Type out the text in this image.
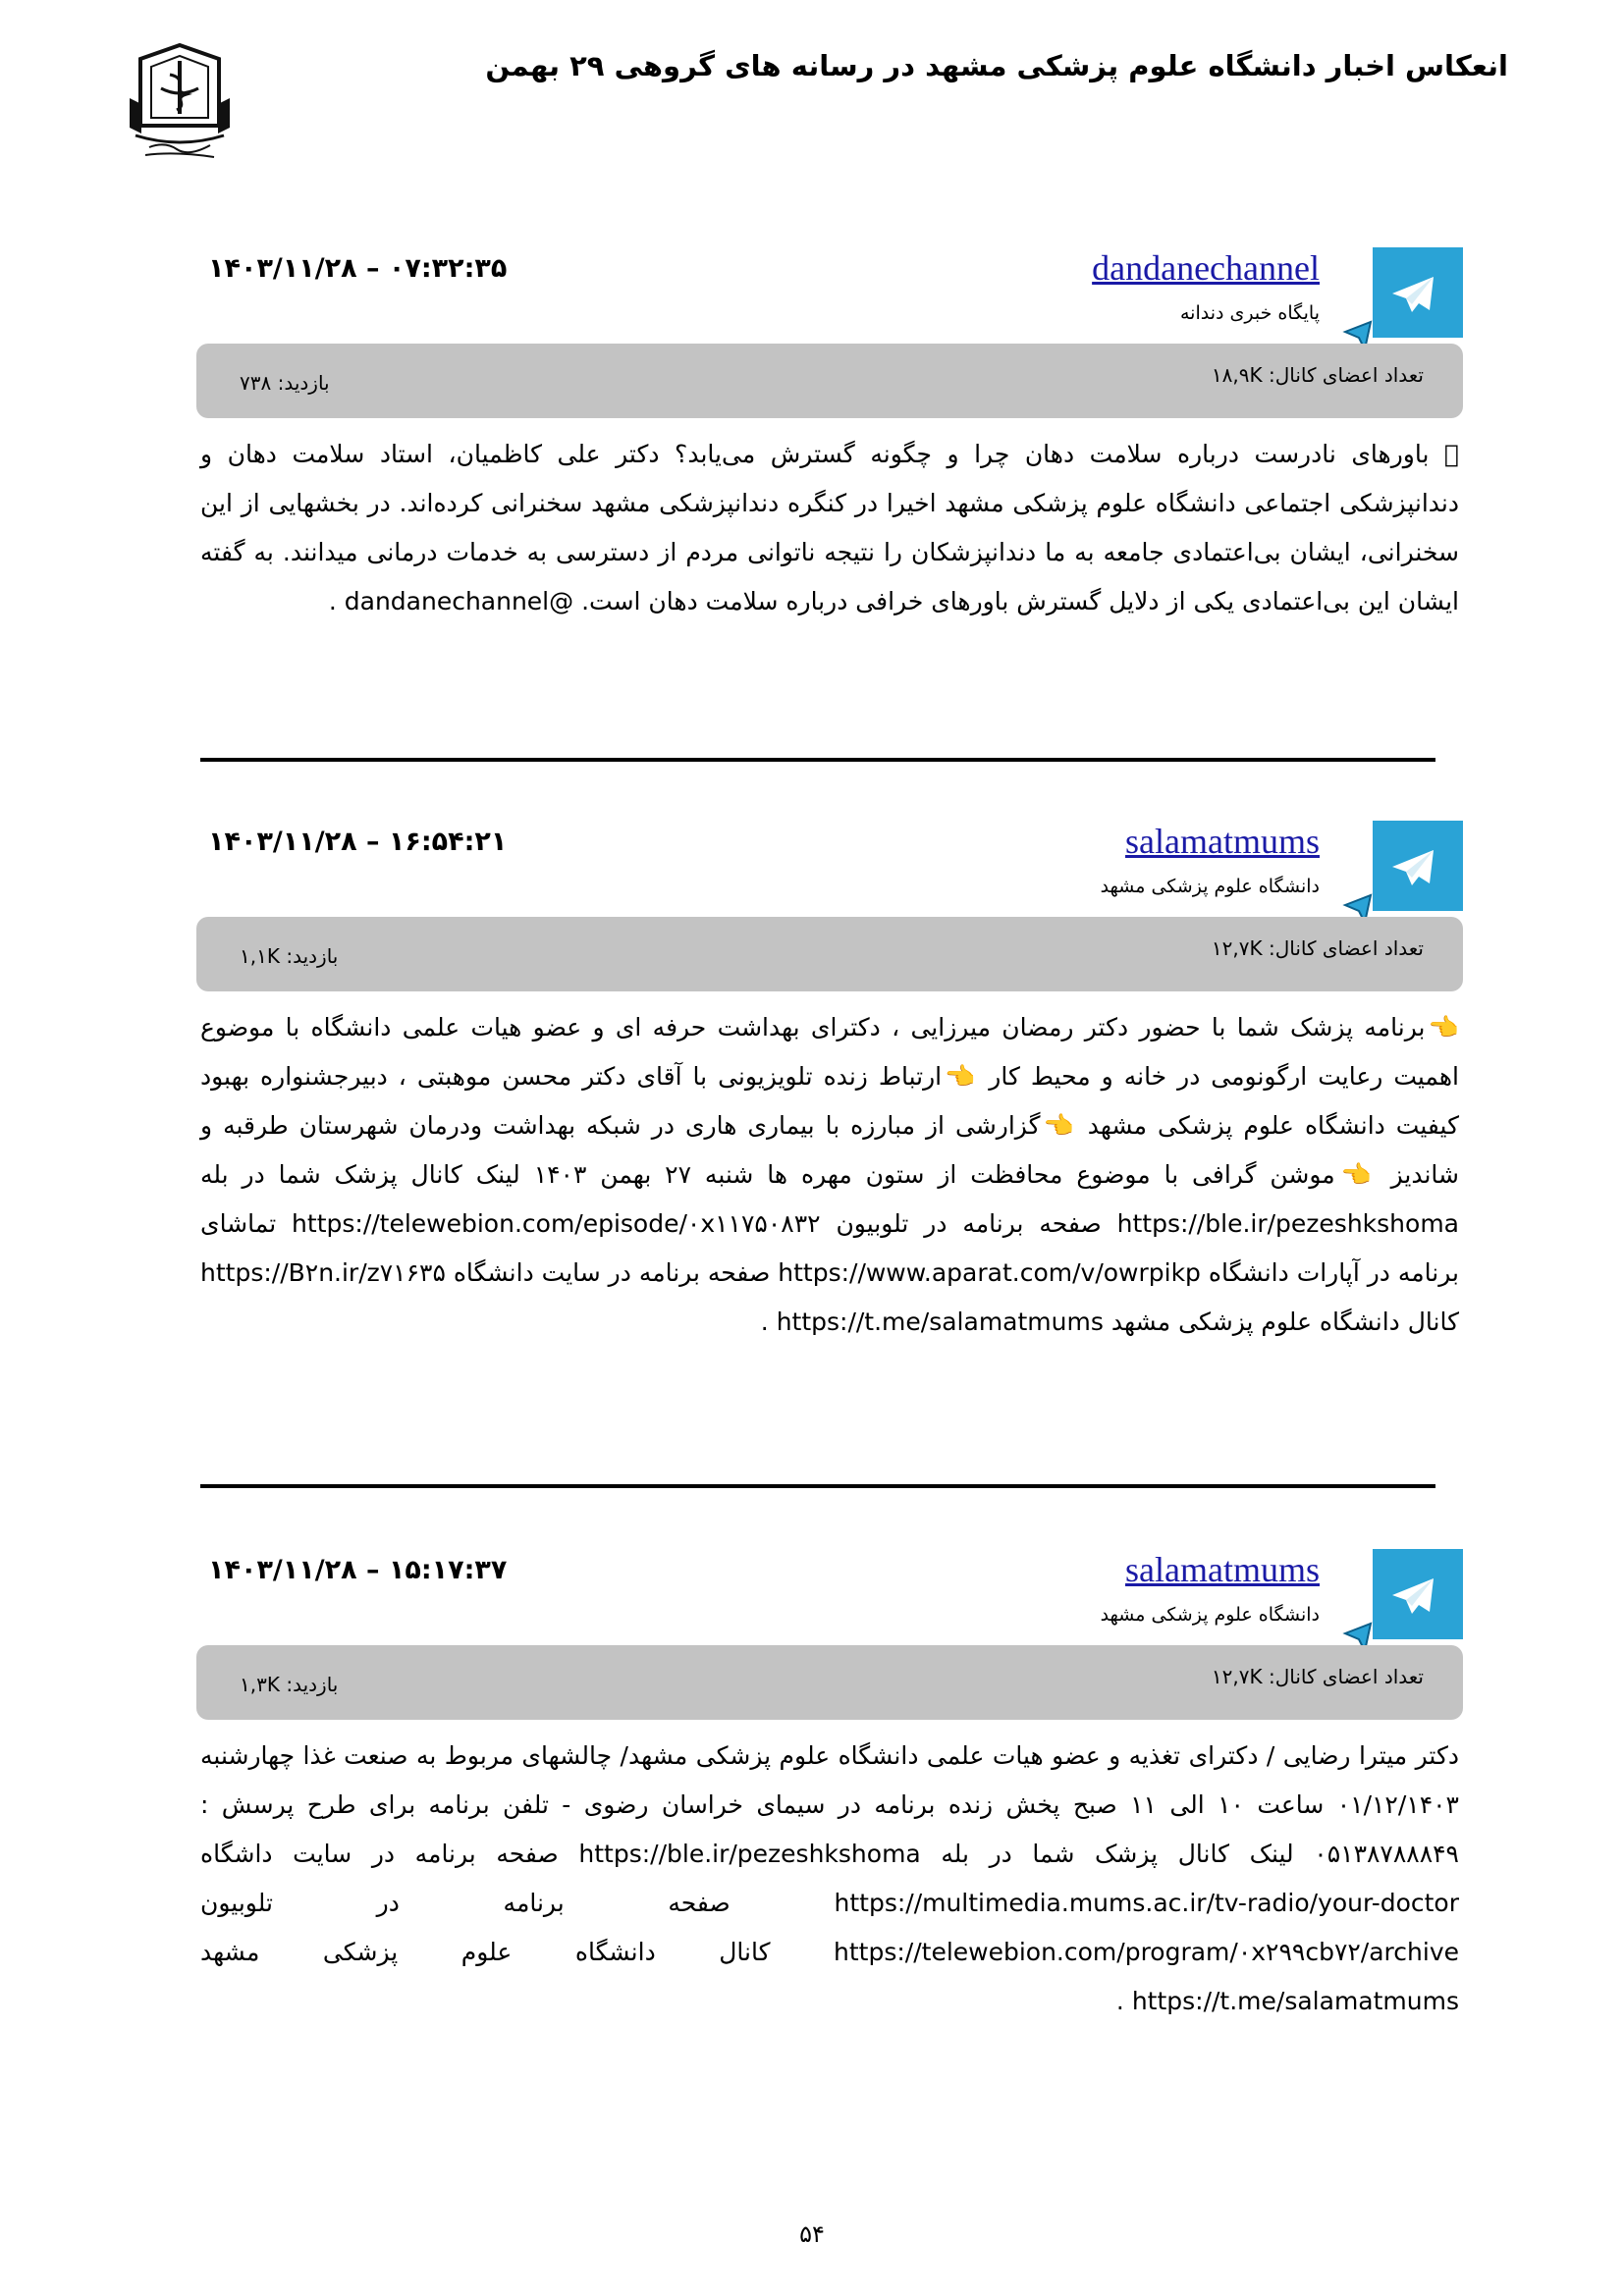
انعکاس اخبار دانشگاه علوم پزشکی مشهد در رسانه های گروهی ۲۹ بهمن
dandanechannel
پایگاه خبری دندانه
۱۴۰۳/۱۱/۲۸ – ۰۷:۳۲:۳۵
تعداد اعضای کانال: ۱۸,۹K
بازدید: ۷۳۸
􁃠 باورهای نادرست درباره سلامت دهان چرا و چگونه گسترش می‌یابد؟ دکتر علی کاظمیان، استاد سلامت دهان و دندانپزشکی اجتماعی دانشگاه علوم پزشکی مشهد اخیرا در کنگره دندانپزشکی مشهد سخنرانی کرده‌اند. در بخشهایی از این سخنرانی، ایشان بی‌اعتمادی جامعه به ما دندانپزشکان را نتیجه ناتوانی مردم از دسترسی به خدمات درمانی میدانند. به گفته ایشان این بی‌اعتمادی یکی از دلایل گسترش باورهای خرافی درباره سلامت دهان است. @dandanechannel .
salamatmums
دانشگاه علوم پزشکی مشهد
۱۴۰۳/۱۱/۲۸ – ۱۶:۵۴:۲۱
تعداد اعضای کانال: ۱۲,۷K
بازدید: ۱,۱K
👈برنامه پزشک شما با حضور دکتر رمضان میرزایی ، دکترای بهداشت حرفه ای و عضو هیات علمی دانشگاه با موضوع اهمیت رعایت ارگونومی در خانه و محیط کار 👈ارتباط زنده تلویزیونی با آقای دکتر محسن موهبتی ، دبیرجشنواره بهبود کیفیت دانشگاه علوم پزشکی مشهد 👈گزارشی از مبارزه با بیماری هاری در شبکه بهداشت ودرمان شهرستان طرقبه و شاندیز 👈موشن گرافی با موضوع محافظت از ستون مهره ها شنبه ۲۷ بهمن ۱۴۰۳ لینک کانال پزشک شما در بله https://ble.ir/pezeshkshoma صفحه برنامه در تلوبیون https://telewebion.com/episode/۰x۱۱۷۵۰۸۳۲ تماشای برنامه در آپارات دانشگاه https://www.aparat.com/v/owrpikp صفحه برنامه در سایت دانشگاه https://B۲n.ir/z۷۱۶۳۵ کانال دانشگاه علوم پزشکی مشهد https://t.me/salamatmums .
salamatmums
دانشگاه علوم پزشکی مشهد
۱۴۰۳/۱۱/۲۸ – ۱۵:۱۷:۳۷
تعداد اعضای کانال: ۱۲,۷K
بازدید: ۱,۳K
دکتر میترا رضایی / دکترای تغذیه و عضو هیات علمی دانشگاه علوم پزشکی مشهد/ چالشهای مربوط به صنعت غذا چهارشنبه ۰۱/۱۲/۱۴۰۳ ساعت ۱۰ الی ۱۱ صبح پخش زنده برنامه در سیمای خراسان رضوی - تلفن برنامه برای طرح پرسش : ۰۵۱۳۸۷۸۸۸۴۹ لینک کانال پزشک شما در بله https://ble.ir/pezeshkshoma صفحه برنامه در سایت داشگاه https://multimedia.mums.ac.ir/tv-radio/your-doctor صفحه برنامه در تلوبیون https://telewebion.com/program/۰x۲۹۹cb۷۲/archive کانال دانشگاه علوم پزشکی مشهد https://t.me/salamatmums .
۵۴
